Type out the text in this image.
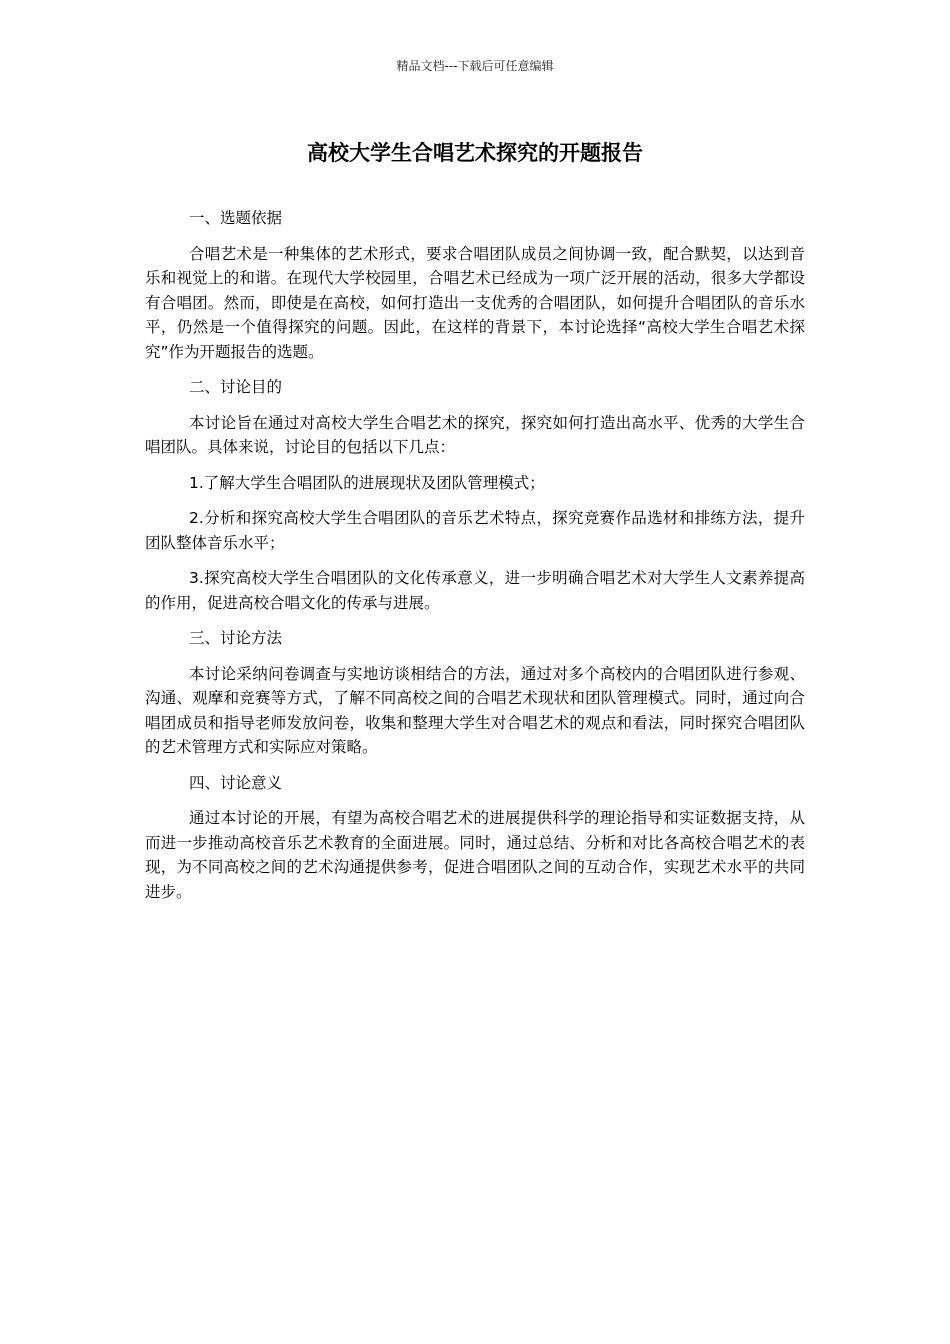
精品文档---下载后可任意编辑
高校大学生合唱艺术探究的开题报告

一、选题依据

合唱艺术是一种集体的艺术形式，要求合唱团队成员之间协调一致，配合默契，以达到音乐和视觉上的和谐。在现代大学校园里，合唱艺术已经成为一项广泛开展的活动，很多大学都设有合唱团。然而，即使是在高校，如何打造出一支优秀的合唱团队，如何提升合唱团队的音乐水平，仍然是一个值得探究的问题。因此，在这样的背景下，本讨论选择“高校大学生合唱艺术探究”作为开题报告的选题。

二、讨论目的

本讨论旨在通过对高校大学生合唱艺术的探究，探究如何打造出高水平、优秀的大学生合唱团队。具体来说，讨论目的包括以下几点：

1.了解大学生合唱团队的进展现状及团队管理模式；

2.分析和探究高校大学生合唱团队的音乐艺术特点，探究竞赛作品选材和排练方法，提升团队整体音乐水平；

3.探究高校大学生合唱团队的文化传承意义，进一步明确合唱艺术对大学生人文素养提高的作用，促进高校合唱文化的传承与进展。

三、讨论方法

本讨论采纳问卷调查与实地访谈相结合的方法，通过对多个高校内的合唱团队进行参观、沟通、观摩和竞赛等方式，了解不同高校之间的合唱艺术现状和团队管理模式。同时，通过向合唱团成员和指导老师发放问卷，收集和整理大学生对合唱艺术的观点和看法，同时探究合唱团队的艺术管理方式和实际应对策略。

四、讨论意义

通过本讨论的开展，有望为高校合唱艺术的进展提供科学的理论指导和实证数据支持，从而进一步推动高校音乐艺术教育的全面进展。同时，通过总结、分析和对比各高校合唱艺术的表现，为不同高校之间的艺术沟通提供参考，促进合唱团队之间的互动合作，实现艺术水平的共同进步。
